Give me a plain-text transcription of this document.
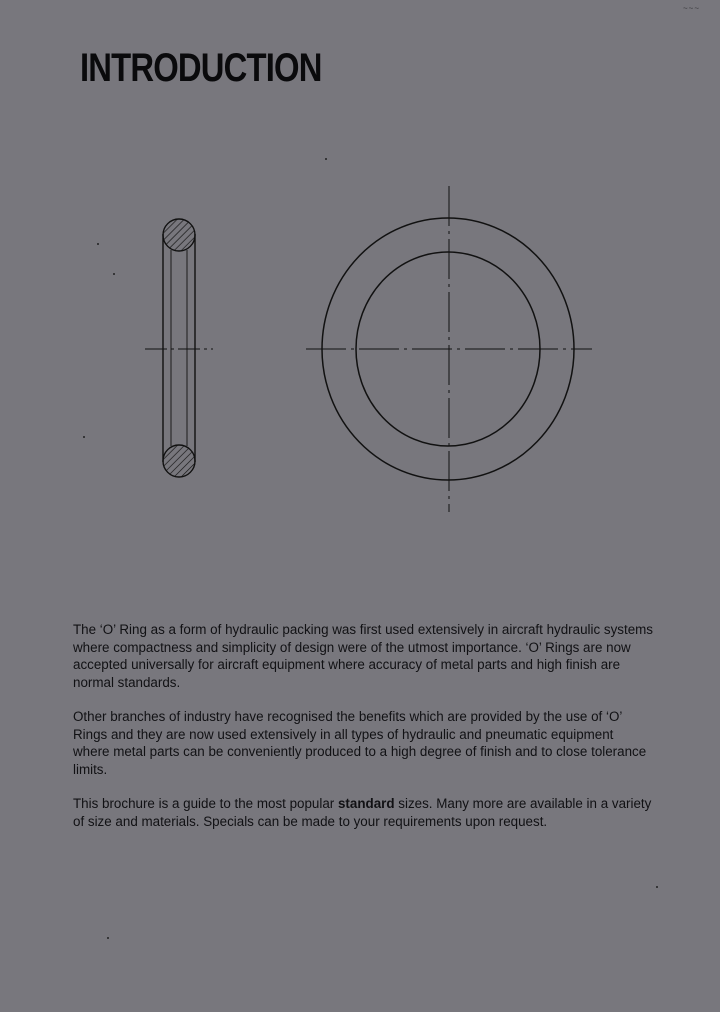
~~~
INTRODUCTION

The ‘O’ Ring as a form of hydraulic packing was first used extensively in aircraft hydraulic systems where compactness and simplicity of design were of the utmost importance. ‘O’ Rings are now accepted universally for aircraft equipment where accuracy of metal parts and high finish are normal standards.

Other branches of industry have recognised the benefits which are provided by the use of ‘O’ Rings and they are now used extensively in all types of hydraulic and pneumatic equipment where metal parts can be conveniently produced to a high degree of finish and to close tolerance limits.

This brochure is a guide to the most popular standard sizes. Many more are available in a variety of size and materials. Specials can be made to your requirements upon request.
